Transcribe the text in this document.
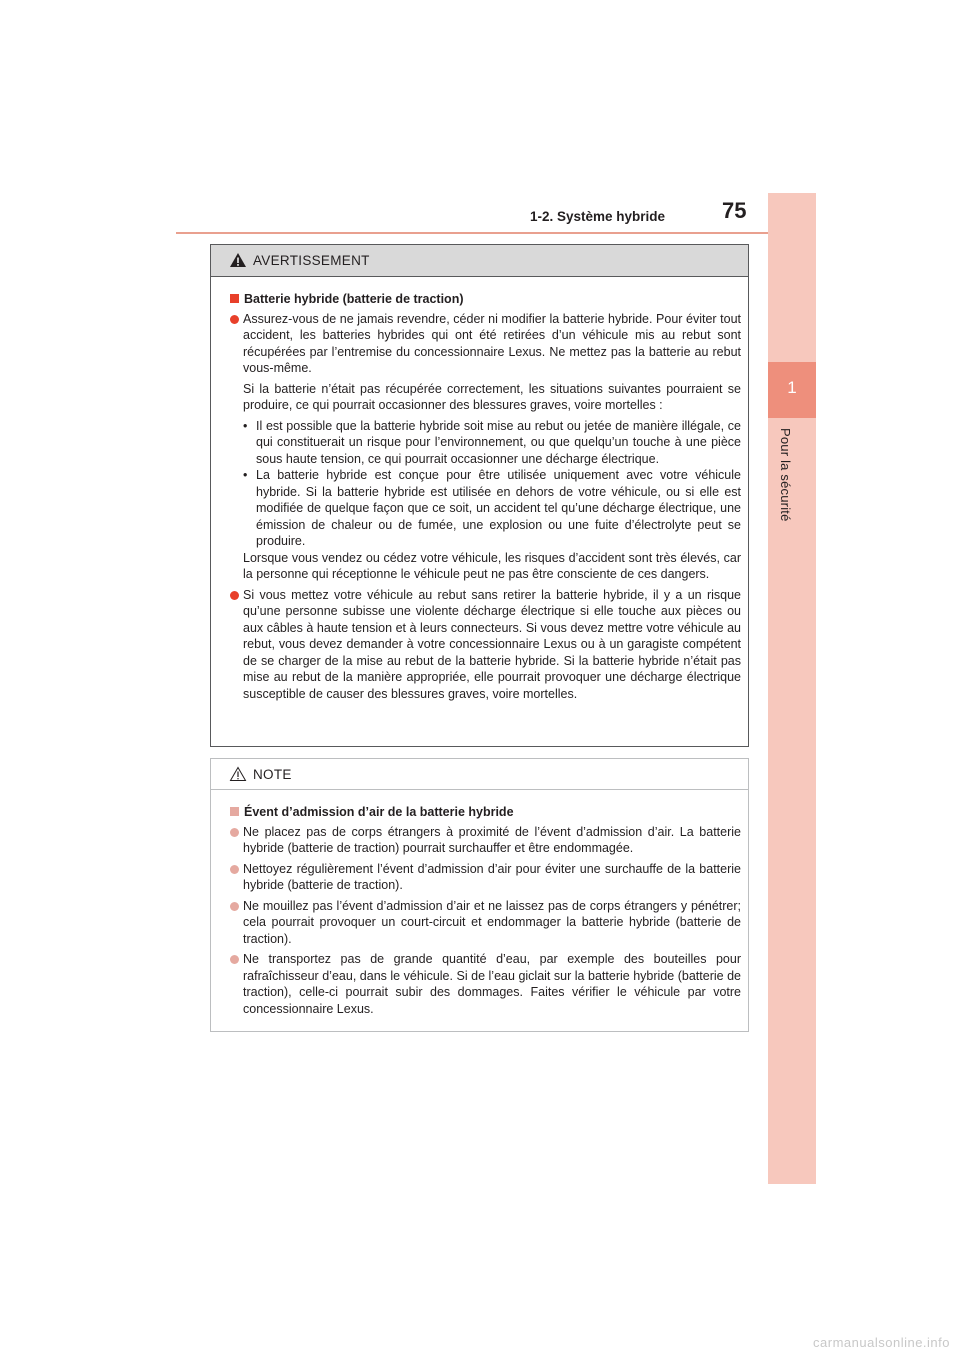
1-2. Système hybride	75
1
Pour la sécurité
AVERTISSEMENT
Batterie hybride (batterie de traction)
Assurez-vous de ne jamais revendre, céder ni modifier la batterie hybride. Pour éviter tout accident, les batteries hybrides qui ont été retirées d’un véhicule mis au rebut sont récupérées par l’entremise du concessionnaire Lexus. Ne mettez pas la batterie au rebut vous-même.
Si la batterie n’était pas récupérée correctement, les situations suivantes pourraient se produire, ce qui pourrait occasionner des blessures graves, voire mortelles :
• Il est possible que la batterie hybride soit mise au rebut ou jetée de manière illégale, ce qui constituerait un risque pour l’environnement, ou que quelqu’un touche à une pièce sous haute tension, ce qui pourrait occasionner une décharge électrique.
• La batterie hybride est conçue pour être utilisée uniquement avec votre véhicule hybride. Si la batterie hybride est utilisée en dehors de votre véhicule, ou si elle est modifiée de quelque façon que ce soit, un accident tel qu’une décharge électrique, une émission de chaleur ou de fumée, une explosion ou une fuite d’électrolyte peut se produire.
Lorsque vous vendez ou cédez votre véhicule, les risques d’accident sont très élevés, car la personne qui réceptionne le véhicule peut ne pas être consciente de ces dangers.
Si vous mettez votre véhicule au rebut sans retirer la batterie hybride, il y a un risque qu’une personne subisse une violente décharge électrique si elle touche aux pièces ou aux câbles à haute tension et à leurs connecteurs. Si vous devez mettre votre véhicule au rebut, vous devez demander à votre concessionnaire Lexus ou à un garagiste compétent de se charger de la mise au rebut de la batterie hybride. Si la batterie hybride n’était pas mise au rebut de la manière appropriée, elle pourrait provoquer une décharge électrique susceptible de causer des blessures graves, voire mortelles.
NOTE
Évent d’admission d’air de la batterie hybride
Ne placez pas de corps étrangers à proximité de l’évent d’admission d’air. La batterie hybride (batterie de traction) pourrait surchauffer et être endommagée.
Nettoyez régulièrement l’évent d’admission d’air pour éviter une surchauffe de la batterie hybride (batterie de traction).
Ne mouillez pas l’évent d’admission d’air et ne laissez pas de corps étrangers y pénétrer; cela pourrait provoquer un court-circuit et endommager la batterie hybride (batterie de traction).
Ne transportez pas de grande quantité d’eau, par exemple des bouteilles pour rafraîchisseur d’eau, dans le véhicule. Si de l’eau giclait sur la batterie hybride (batterie de traction), celle-ci pourrait subir des dommages. Faites vérifier le véhicule par votre concessionnaire Lexus.
carmanualsonline.info
